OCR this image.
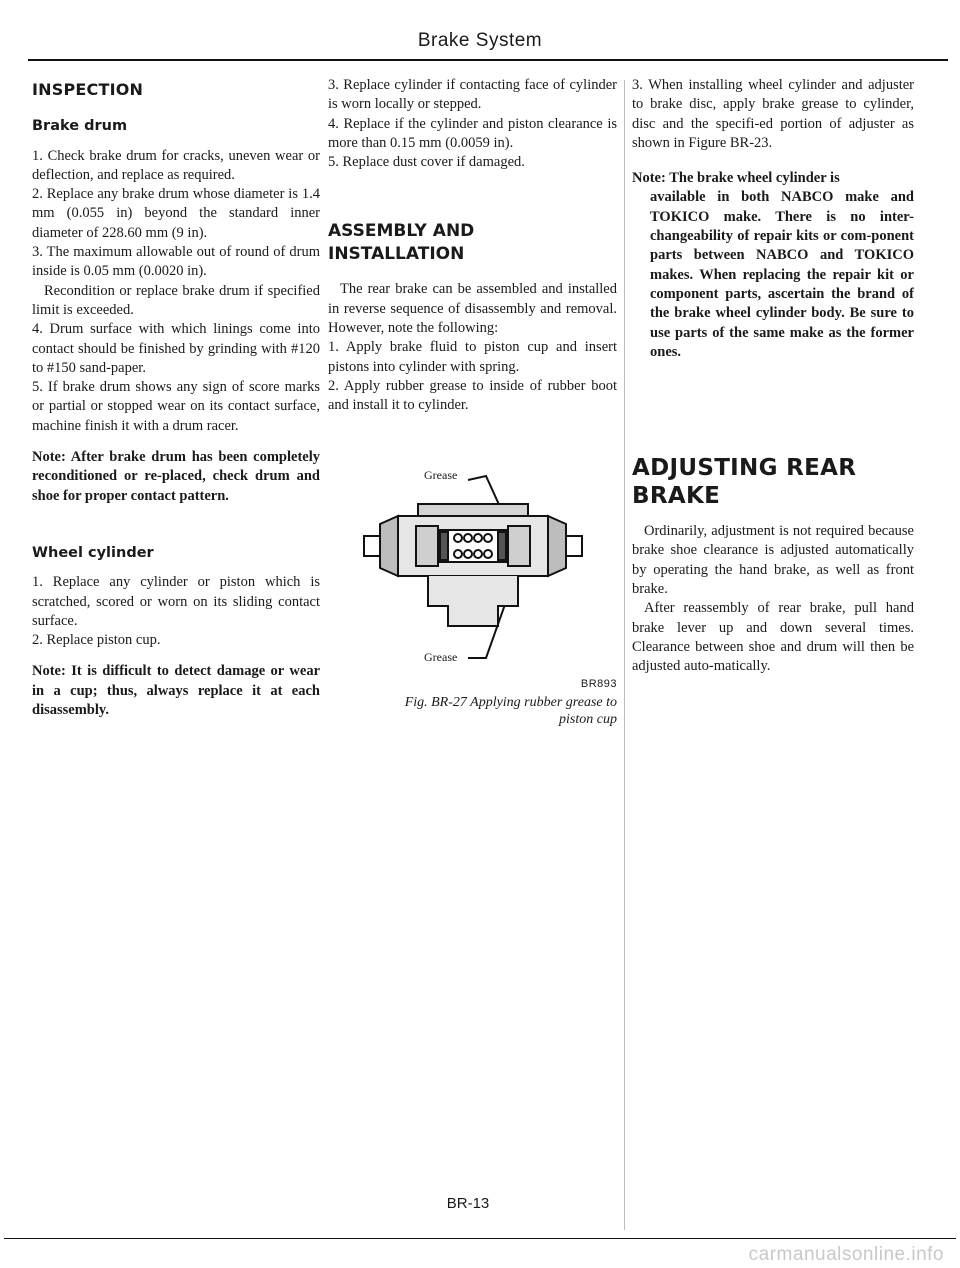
Brake System
INSPECTION
Brake drum

1. Check brake drum for cracks, uneven wear or deflection, and replace as required.

2. Replace any brake drum whose diameter is 1.4 mm (0.055 in) beyond the standard inner diameter of 228.60 mm (9 in).

3. The maximum allowable out of round of drum inside is 0.05 mm (0.0020 in).

Recondition or replace brake drum if specified limit is exceeded.

4. Drum surface with which linings come into contact should be finished by grinding with #120 to #150 sand-paper.

5. If brake drum shows any sign of score marks or partial or stopped wear on its contact surface, machine finish it with a drum racer.

Note: After brake drum has been completely reconditioned or re-placed, check drum and shoe for proper contact pattern.

Wheel cylinder

1. Replace any cylinder or piston which is scratched, scored or worn on its sliding contact surface.

2. Replace piston cup.

Note: It is difficult to detect damage or wear in a cup; thus, always replace it at each disassembly.

3. Replace cylinder if contacting face of cylinder is worn locally or stepped.

4. Replace if the cylinder and piston clearance is more than 0.15 mm (0.0059 in).

5. Replace dust cover if damaged.

ASSEMBLY AND
INSTALLATION

The rear brake can be assembled and installed in reverse sequence of disassembly and removal. However, note the following:

1. Apply brake fluid to piston cup and insert pistons into cylinder with spring.

2. Apply rubber grease to inside of rubber boot and install it to cylinder.

Grease
Grease
BR893
Fig. BR-27 Applying rubber grease to
piston cup

3. When installing wheel cylinder and adjuster to brake disc, apply brake grease to cylinder, disc and the specifi-ed portion of adjuster as shown in Figure BR-23.

Note: The brake wheel cylinder is

available in both NABCO make and TOKICO make. There is no inter-changeability of repair kits or com-ponent parts between NABCO and TOKICO makes. When replacing the repair kit or component parts, ascertain the brand of the brake wheel cylinder body. Be sure to use parts of the same make as the former ones.

ADJUSTING REAR
BRAKE

Ordinarily, adjustment is not required because brake shoe clearance is adjusted automatically by operating the hand brake, as well as front brake.

After reassembly of rear brake, pull hand brake lever up and down several times. Clearance between shoe and drum will then be adjusted auto-matically.

BR-13
carmanualsonline.info
